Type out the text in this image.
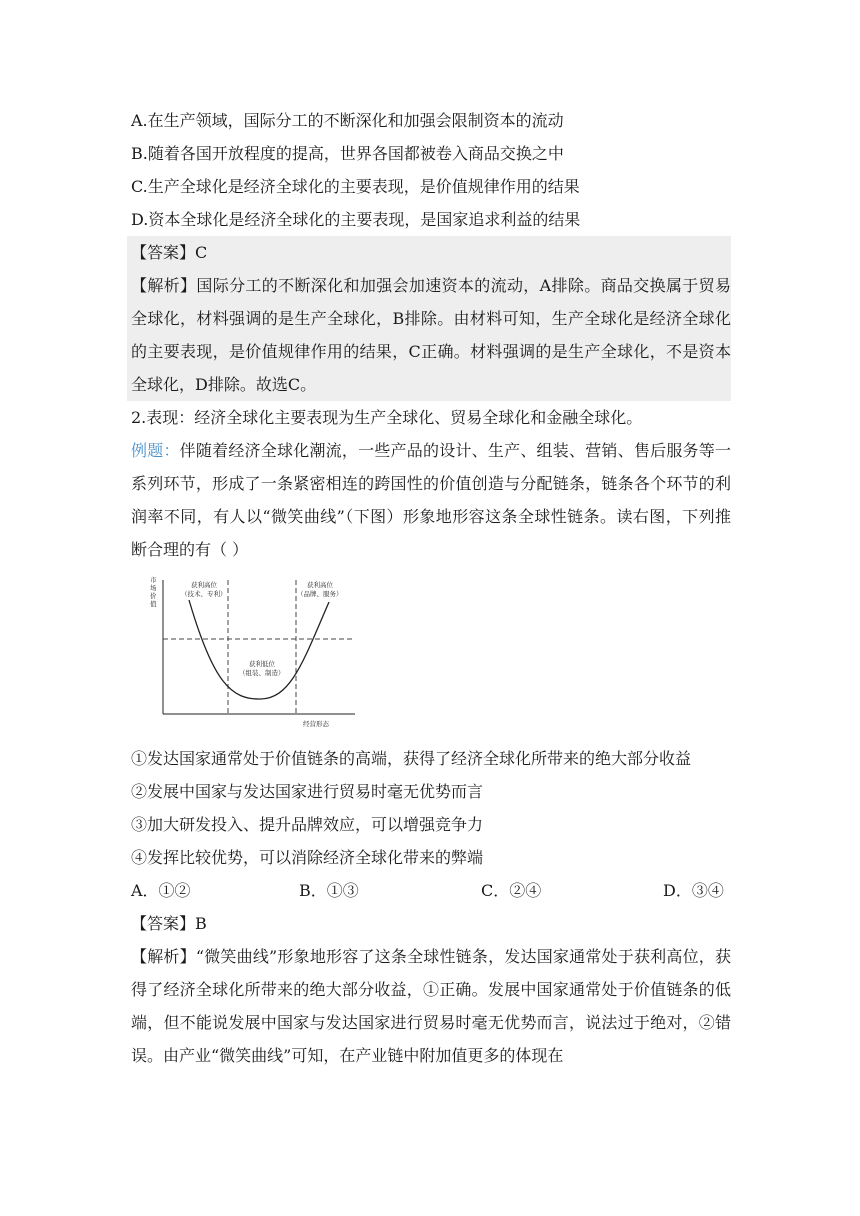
A.在生产领域，国际分工的不断深化和加强会限制资本的流动
B.随着各国开放程度的提高，世界各国都被卷入商品交换之中
C.生产全球化是经济全球化的主要表现，是价值规律作用的结果
D.资本全球化是经济全球化的主要表现，是国家追求利益的结果
【答案】C
【解析】国际分工的不断深化和加强会加速资本的流动，A排除。商品交换属于贸易全球化，材料强调的是生产全球化，B排除。由材料可知，生产全球化是经济全球化的主要表现，是价值规律作用的结果，C正确。材料强调的是生产全球化，不是资本全球化，D排除。故选C。
2.表现：经济全球化主要表现为生产全球化、贸易全球化和金融全球化。
例题：伴随着经济全球化潮流，一些产品的设计、生产、组装、营销、售后服务等一系列环节，形成了一条紧密相连的跨国性的价值创造与分配链条，链条各个环节的利润率不同，有人以“微笑曲线”（下图）形象地形容这条全球性链条。读右图，下列推断合理的有（ ）
市 场 价 值
获利高位
（技术、专利）
获利高位
（品牌、服务）
获利低位
（组装、制造）
经营形态
①发达国家通常处于价值链条的高端，获得了经济全球化所带来的绝大部分收益
②发展中国家与发达国家进行贸易时毫无优势而言
③加大研发投入、提升品牌效应，可以增强竞争力
④发挥比较优势，可以消除经济全球化带来的弊端
A．①②	B．①③	C．②④	D．③④
【答案】B
【解析】“微笑曲线”形象地形容了这条全球性链条，发达国家通常处于获利高位，获得了经济全球化所带来的绝大部分收益，①正确。发展中国家通常处于价值链条的低端，但不能说发展中国家与发达国家进行贸易时毫无优势而言，说法过于绝对，②错误。由产业“微笑曲线”可知，在产业链中附加值更多的体现在
